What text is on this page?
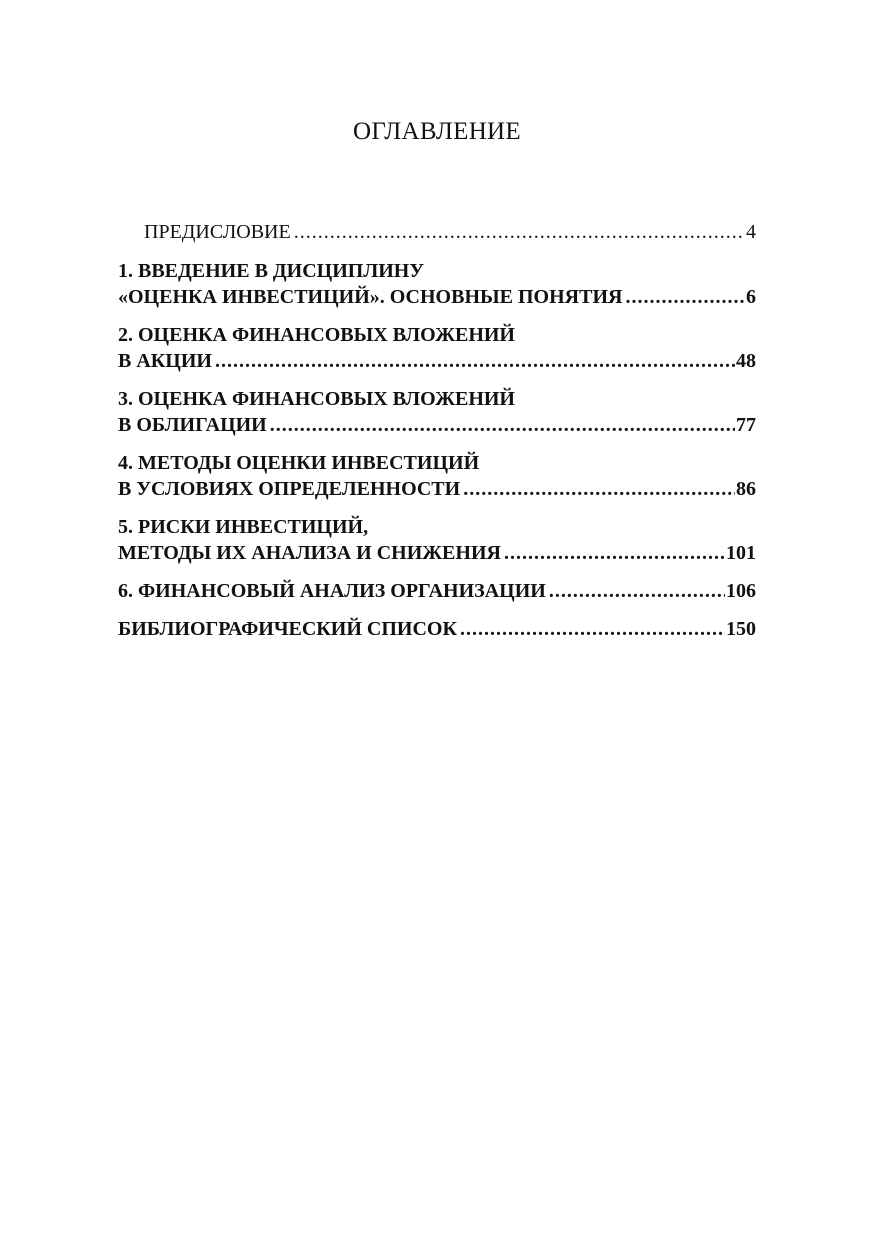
ОГЛАВЛЕНИЕ
ПРЕДИСЛОВИЕ .....	4
1. ВВЕДЕНИЕ В ДИСЦИПЛИНУ
«ОЦЕНКА ИНВЕСТИЦИЙ». ОСНОВНЫЕ ПОНЯТИЯ .....	6
2. ОЦЕНКА ФИНАНСОВЫХ ВЛОЖЕНИЙ
В АКЦИИ .....	48
3. ОЦЕНКА ФИНАНСОВЫХ ВЛОЖЕНИЙ
В ОБЛИГАЦИИ .....	77
4. МЕТОДЫ ОЦЕНКИ ИНВЕСТИЦИЙ
В УСЛОВИЯХ ОПРЕДЕЛЕННОСТИ .....	86
5. РИСКИ ИНВЕСТИЦИЙ,
МЕТОДЫ ИХ АНАЛИЗА И СНИЖЕНИЯ .....	101
6. ФИНАНСОВЫЙ АНАЛИЗ ОРГАНИЗАЦИИ .....	106
БИБЛИОГРАФИЧЕСКИЙ СПИСОК .....	150
